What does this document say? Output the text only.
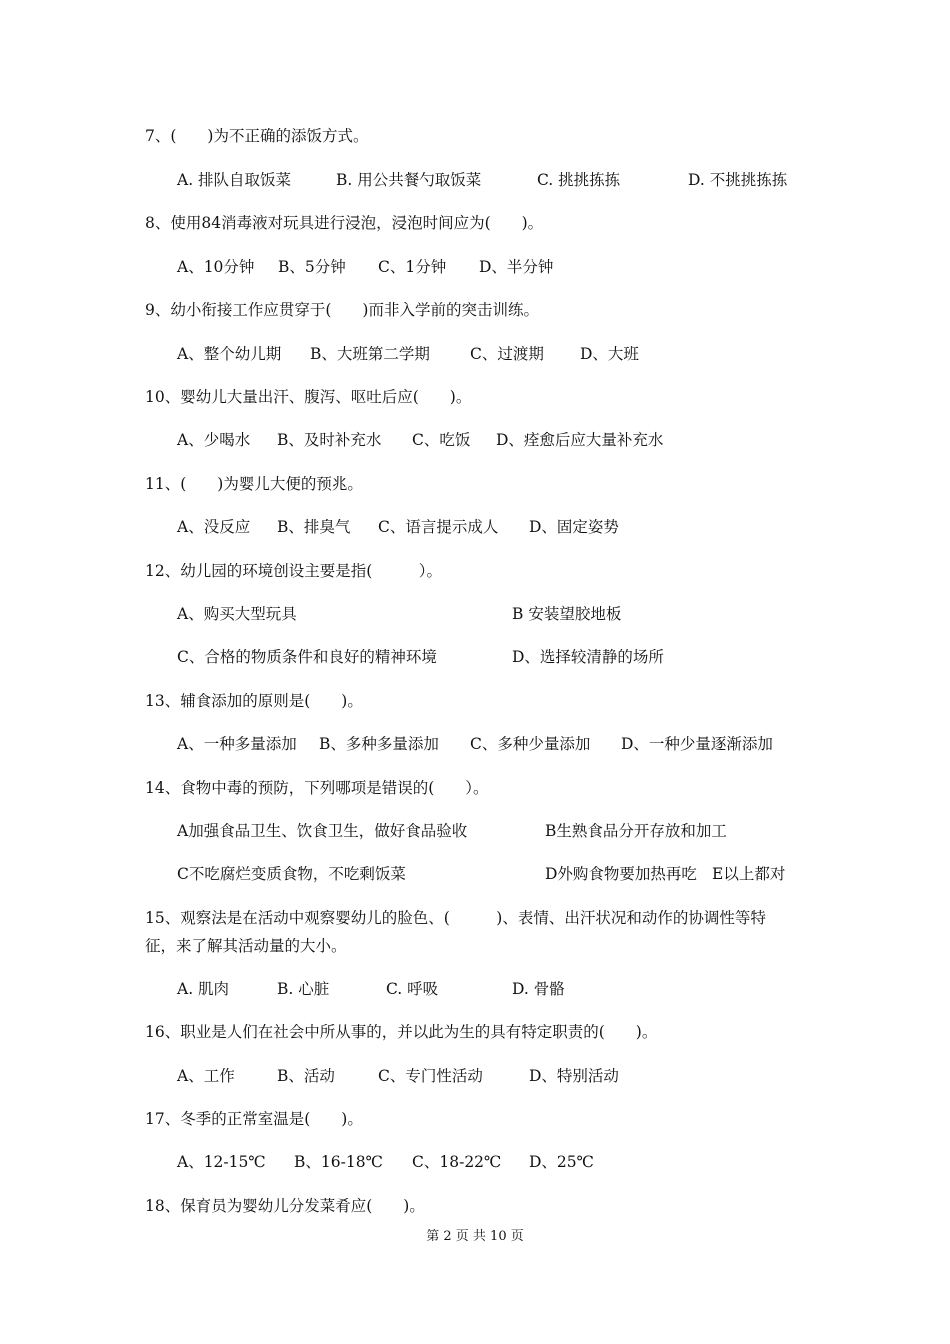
7、(　　)为不正确的添饭方式。
A. 排队自取饭菜	B. 用公共餐勺取饭菜	C. 挑挑拣拣	D. 不挑挑拣拣
8、使用84消毒液对玩具进行浸泡，浸泡时间应为(　　)。
A、10分钟 B、5分钟 C、1分钟 D、半分钟
9、幼小衔接工作应贯穿于(　　)而非入学前的突击训练。
A、整个幼儿期 B、大班第二学期	C、过渡期 D、大班
10、婴幼儿大量出汗、腹泻、呕吐后应(　　)。
A、少喝水 B、及时补充水 C、吃饭 D、痊愈后应大量补充水
11、(　　)为婴儿大便的预兆。
A、没反应 B、排臭气 C、语言提示成人 D、固定姿势
12、幼儿园的环境创设主要是指(　　　）。
A、购买大型玩具	B 安装望胶地板
C、合格的物质条件和良好的精神环境	D、选择较清静的场所
13、辅食添加的原则是(　　)。
A、一种多量添加 B、多种多量添加 C、多种少量添加 D、一种少量逐渐添加
14、食物中毒的预防，下列哪项是错误的(　　）。
A加强食品卫生、饮食卫生，做好食品验收	B生熟食品分开存放和加工
C不吃腐烂变质食物，不吃剩饭菜	D外购食物要加热再吃 E以上都对
15、观察法是在活动中观察婴幼儿的脸色、(　　　)、表情、出汗状况和动作的协调性等特
征，来了解其活动量的大小。
A. 肌肉	B. 心脏	C. 呼吸	D. 骨骼
16、职业是人们在社会中所从事的，并以此为生的具有特定职责的(　　)。
A、工作	B、活动	C、专门性活动	D、特别活动
17、冬季的正常室温是(　　)。
A、12-15℃ B、16-18℃ C、18-22℃ D、25℃
18、保育员为婴幼儿分发菜肴应(　　)。
第 2 页 共 10 页
